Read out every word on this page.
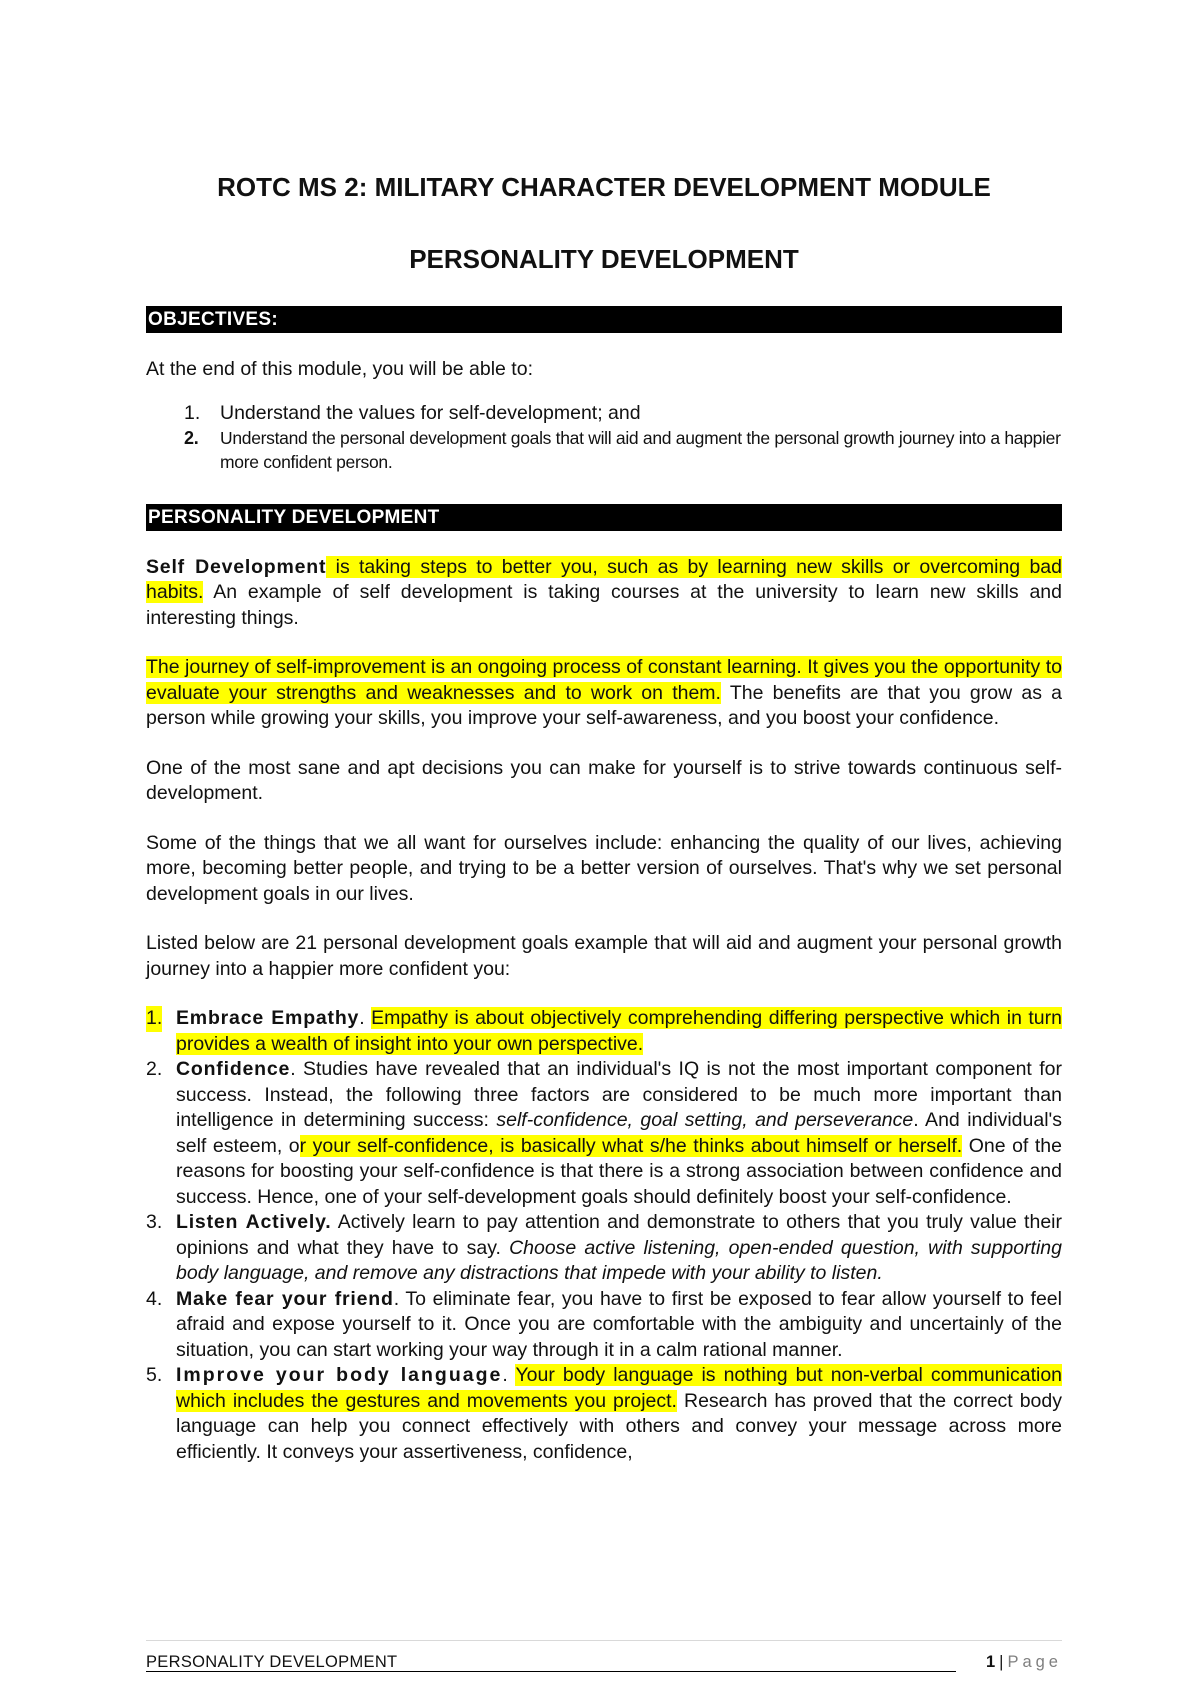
ROTC MS 2: MILITARY CHARACTER DEVELOPMENT MODULE
PERSONALITY DEVELOPMENT
OBJECTIVES:

At the end of this module, you will be able to:

1. Understand the values for self-development; and
2. Understand the personal development goals that will aid and augment the personal growth journey into a happier more confident person.
PERSONALITY DEVELOPMENT

Self Development is taking steps to better you, such as by learning new skills or overcoming bad habits. An example of self development is taking courses at the university to learn new skills and interesting things.

The journey of self-improvement is an ongoing process of constant learning. It gives you the opportunity to evaluate your strengths and weaknesses and to work on them. The benefits are that you grow as a person while growing your skills, you improve your self-awareness, and you boost your confidence.

One of the most sane and apt decisions you can make for yourself is to strive towards continuous self-development.

Some of the things that we all want for ourselves include: enhancing the quality of our lives, achieving more, becoming better people, and trying to be a better version of ourselves. That's why we set personal development goals in our lives.

Listed below are 21 personal development goals example that will aid and augment your personal growth journey into a happier more confident you:

1. Embrace Empathy. Empathy is about objectively comprehending differing perspective which in turn provides a wealth of insight into your own perspective.
2. Confidence. Studies have revealed that an individual's IQ is not the most important component for success. Instead, the following three factors are considered to be much more important than intelligence in determining success: self-confidence, goal setting, and perseverance. And individual's self esteem, or your self-confidence, is basically what s/he thinks about himself or herself. One of the reasons for boosting your self-confidence is that there is a strong association between confidence and success. Hence, one of your self-development goals should definitely boost your self-confidence.
3. Listen Actively. Actively learn to pay attention and demonstrate to others that you truly value their opinions and what they have to say. Choose active listening, open-ended question, with supporting body language, and remove any distractions that impede with your ability to listen.
4. Make fear your friend. To eliminate fear, you have to first be exposed to fear allow yourself to feel afraid and expose yourself to it. Once you are comfortable with the ambiguity and uncertainly of the situation, you can start working your way through it in a calm rational manner.
5. Improve your body language. Your body language is nothing but non-verbal communication which includes the gestures and movements you project. Research has proved that the correct body language can help you connect effectively with others and convey your message across more efficiently. It conveys your assertiveness, confidence,
PERSONALITY DEVELOPMENT	1 | Page
